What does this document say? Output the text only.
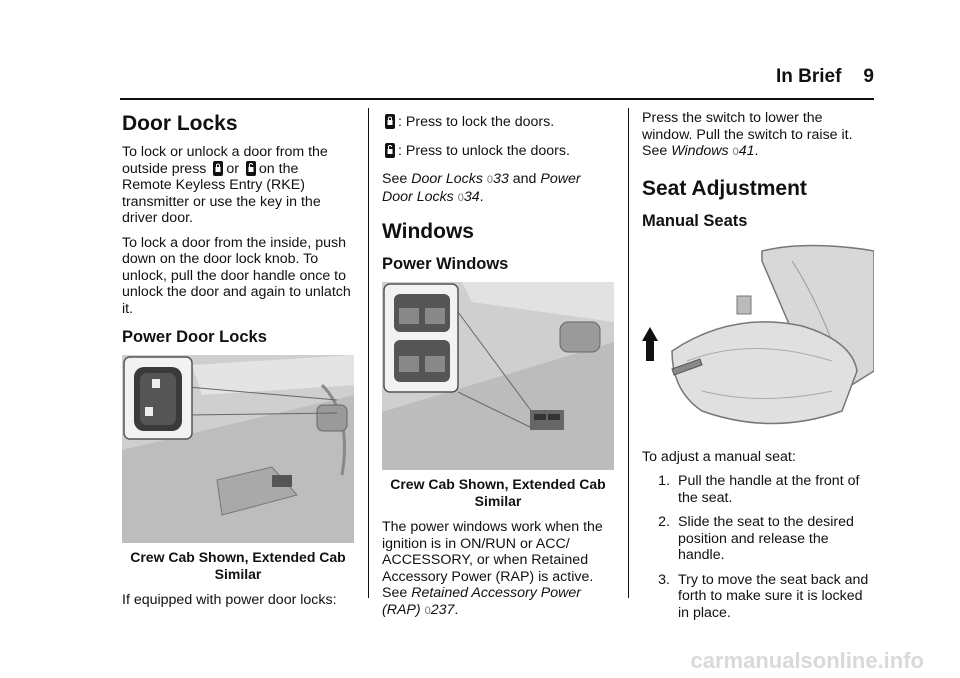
In Brief 9
Door Locks

To lock or unlock a door from the
outside press or on the
Remote Keyless Entry (RKE) transmitter or use the key in the driver door.

To lock a door from the inside, push down on the door lock knob. To unlock, pull the door handle once to unlock the door and again to unlatch it.

Power Door Locks
Crew Cab Shown, Extended Cab Similar

If equipped with power door locks:

: Press to lock the doors.

: Press to unlock the doors.

See Door Locks 033 and Power Door Locks 034.

Windows
Power Windows
Crew Cab Shown, Extended Cab Similar

The power windows work when the ignition is in ON/RUN or ACC/ ACCESSORY, or when Retained Accessory Power (RAP) is active.

See Retained Accessory Power (RAP) 0237.

Press the switch to lower the window. Pull the switch to raise it. See Windows 041.

Seat Adjustment
Manual Seats

To adjust a manual seat:

1. Pull the handle at the front of the seat.
2. Slide the seat to the desired position and release the handle.
3. Try to move the seat back and forth to make sure it is locked in place.
carmanualsonline.info
